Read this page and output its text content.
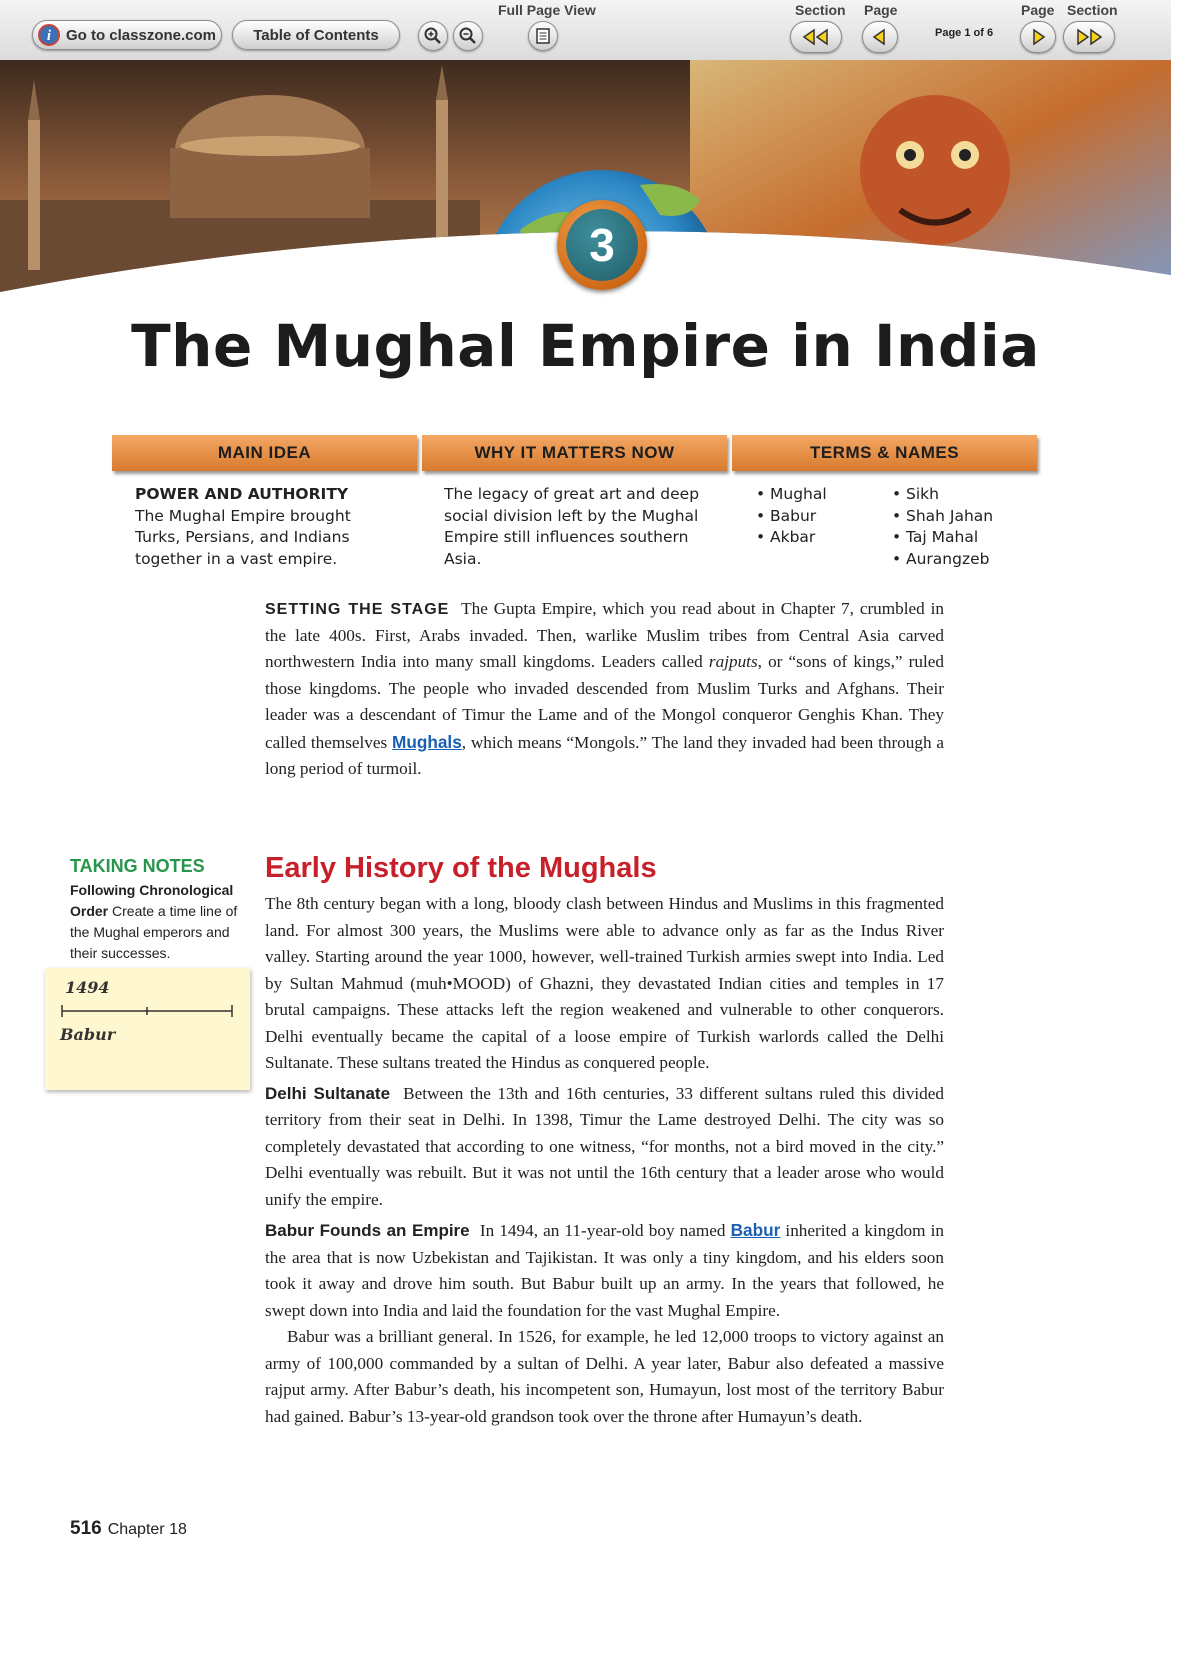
i Go to classzone.com Table of Contents
Full Page View	Section Page
Page 1 of 6
Page Section
3
The Mughal Empire in India
MAIN IDEA	WHY IT MATTERS NOW	TERMS & NAMES
POWER AND AUTHORITY The Mughal Empire brought Turks, Persians, and Indians together in a vast empire.
The legacy of great art and deep social division left by the Mughal Empire still influences southern Asia.
• Mughal
• Babur
• Akbar
• Sikh
• Shah Jahan
• Taj Mahal
• Aurangzeb

SETTING THE STAGE The Gupta Empire, which you read about in Chapter 7, crumbled in the late 400s. First, Arabs invaded. Then, warlike Muslim tribes from Central Asia carved northwestern India into many small kingdoms. Leaders called rajputs, or “sons of kings,” ruled those kingdoms. The people who invaded descended from Muslim Turks and Afghans. Their leader was a descendant of Timur the Lame and of the Mongol conqueror Genghis Khan. They called themselves Mughals, which means “Mongols.” The land they invaded had been through a long period of turmoil.

Early History of the Mughals

The 8th century began with a long, bloody clash between Hindus and Muslims in this fragmented land. For almost 300 years, the Muslims were able to advance only as far as the Indus River valley. Starting around the year 1000, however, well-trained Turkish armies swept into India. Led by Sultan Mahmud (muh•MOOD) of Ghazni, they devastated Indian cities and temples in 17 brutal campaigns. These attacks left the region weakened and vulnerable to other conquerors. Delhi eventually became the capital of a loose empire of Turkish warlords called the Delhi Sultanate. These sultans treated the Hindus as conquered people.

Delhi Sultanate Between the 13th and 16th centuries, 33 different sultans ruled this divided territory from their seat in Delhi. In 1398, Timur the Lame destroyed Delhi. The city was so completely devastated that according to one witness, “for months, not a bird moved in the city.” Delhi eventually was rebuilt. But it was not until the 16th century that a leader arose who would unify the empire.

Babur Founds an Empire In 1494, an 11-year-old boy named Babur inherited a kingdom in the area that is now Uzbekistan and Tajikistan. It was only a tiny kingdom, and his elders soon took it away and drove him south. But Babur built up an army. In the years that followed, he swept down into India and laid the foundation for the vast Mughal Empire.

Babur was a brilliant general. In 1526, for example, he led 12,000 troops to victory against an army of 100,000 commanded by a sultan of Delhi. A year later, Babur also defeated a massive rajput army. After Babur’s death, his incompetent son, Humayun, lost most of the territory Babur had gained. Babur’s 13-year-old grandson took over the throne after Humayun’s death.

TAKING NOTES
Following Chronological Order Create a time line of the Mughal emperors and their successes.
1494
Babur
516 Chapter 18
